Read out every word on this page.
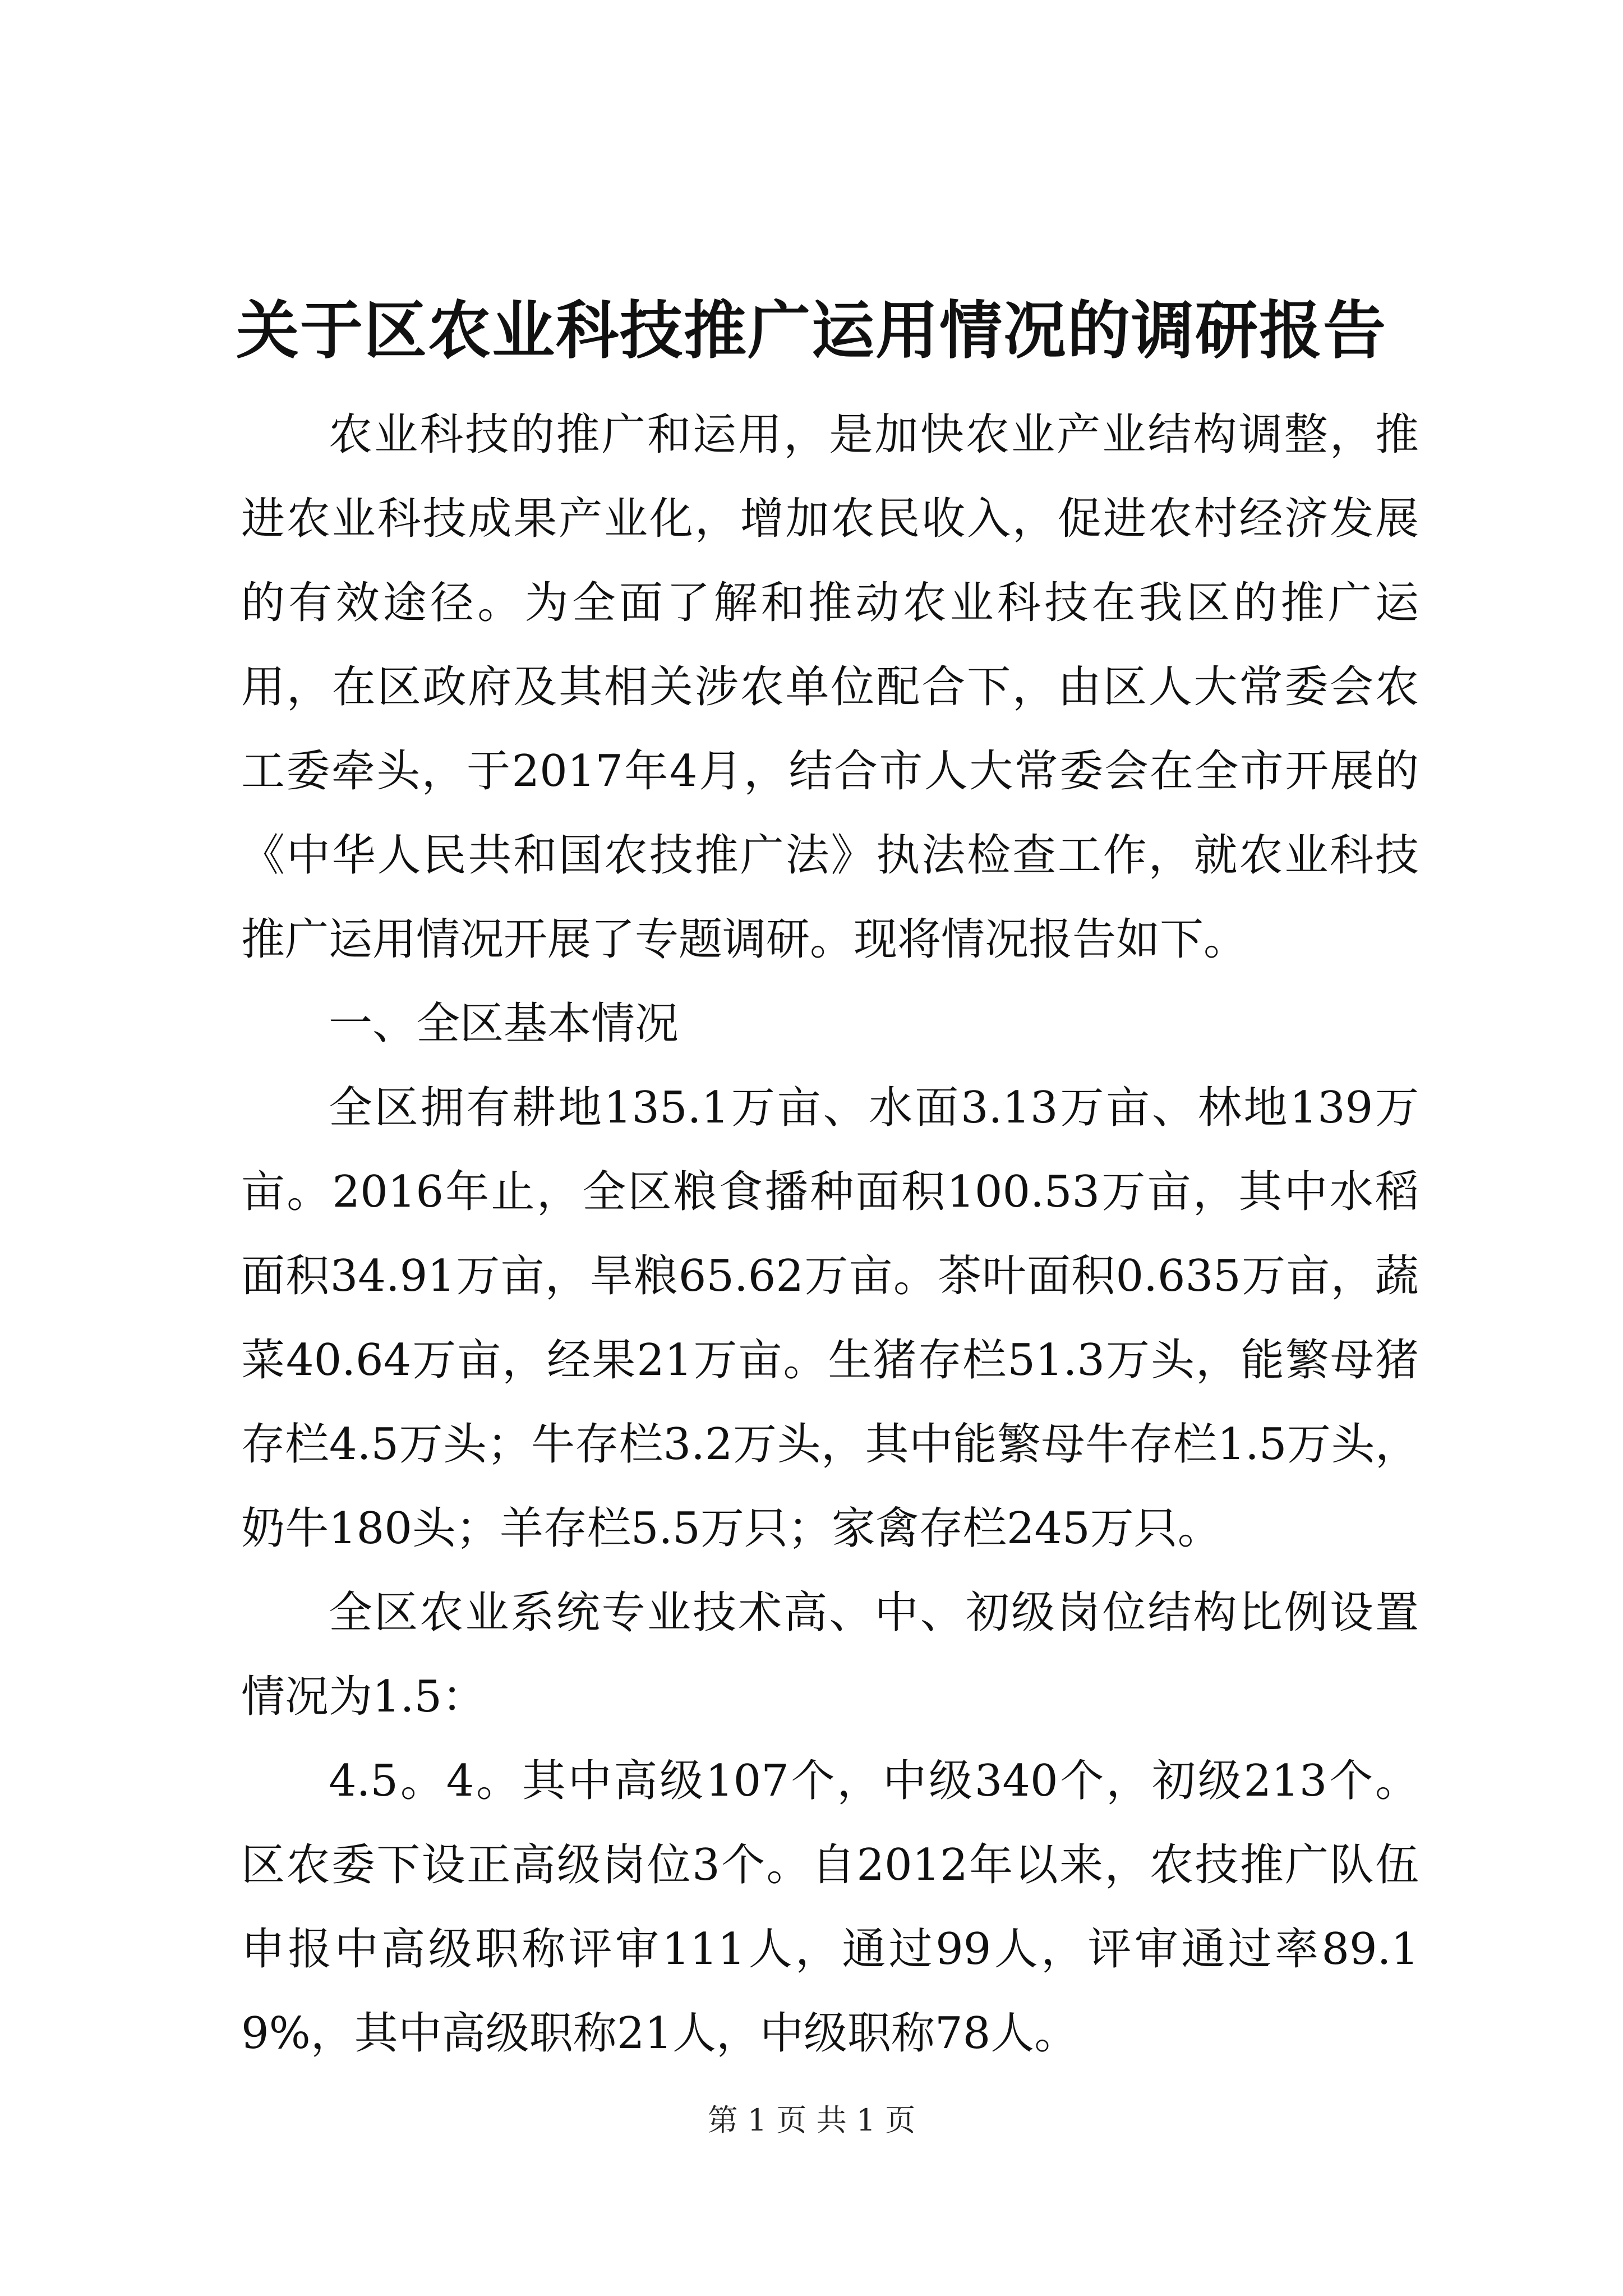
关于区农业科技推广运用情况的调研报告

农业科技的推广和运用，是加快农业产业结构调整，推进农业科技成果产业化，增加农民收入，促进农村经济发展的有效途径。为全面了解和推动农业科技在我区的推广运用，在区政府及其相关涉农单位配合下，由区人大常委会农工委牵头，于2017年4月，结合市人大常委会在全市开展的《中华人民共和国农技推广法》执法检查工作，就农业科技推广运用情况开展了专题调研。现将情况报告如下。

一、全区基本情况

全区拥有耕地135.1万亩、水面3.13万亩、林地139万亩。2016年止，全区粮食播种面积100.53万亩，其中水稻面积34.91万亩，旱粮65.62万亩。茶叶面积0.635万亩，蔬菜40.64万亩，经果21万亩。生猪存栏51.3万头，能繁母猪存栏4.5万头；牛存栏3.2万头，其中能繁母牛存栏1.5万头，奶牛180头；羊存栏5.5万只；家禽存栏245万只。

全区农业系统专业技术高、中、初级岗位结构比例设置情况为1.5：

4.5。4。其中高级107个，中级340个，初级213个。区农委下设正高级岗位3个。自2012年以来，农技推广队伍申报中高级职称评审111人，通过99人，评审通过率89.19%，其中高级职称21人，中级职称78人。

第 1 页 共 1 页
